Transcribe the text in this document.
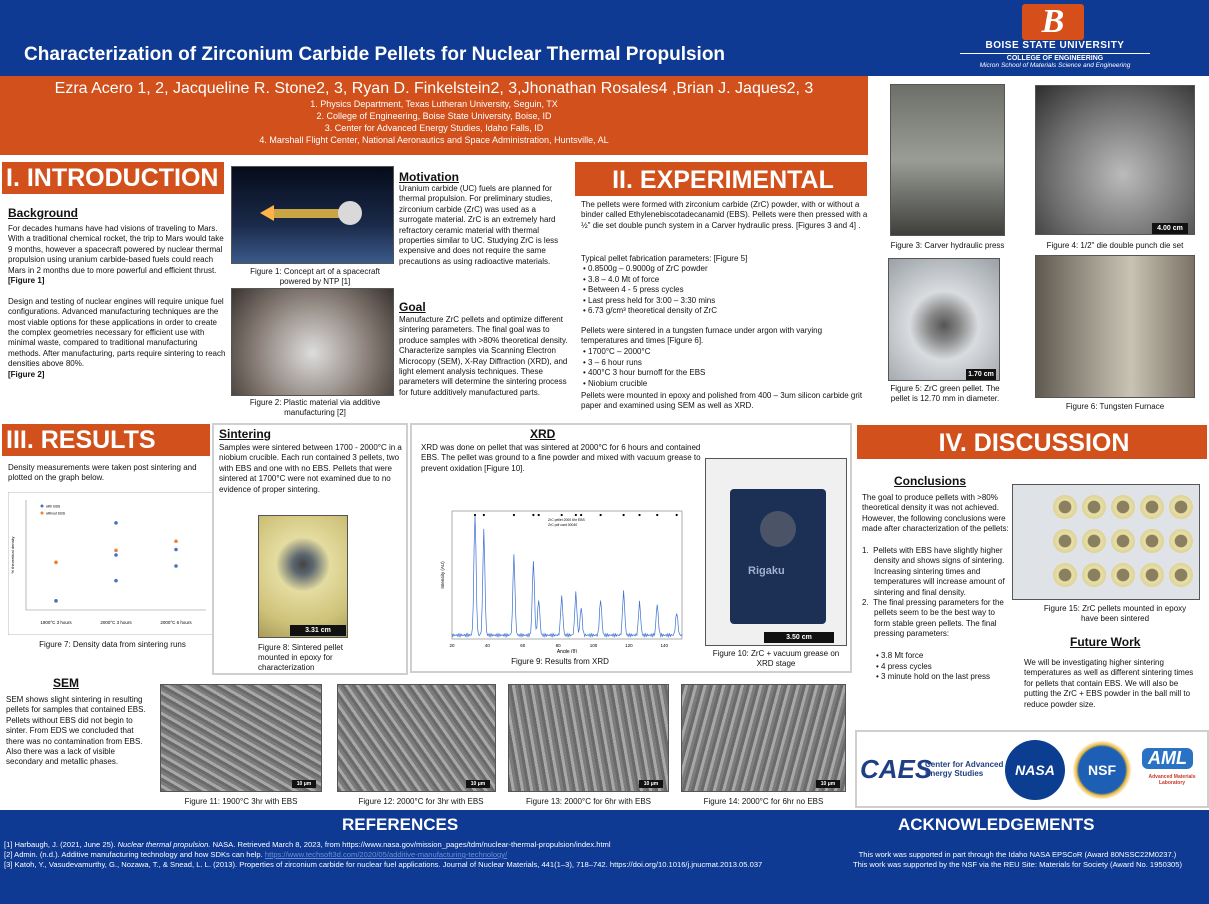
Characterization of Zirconium Carbide Pellets for Nuclear Thermal Propulsion
B
BOISE STATE UNIVERSITY
COLLEGE OF ENGINEERING
Micron School of Materials Science and Engineering
Ezra Acero 1, 2, Jacqueline R. Stone2, 3, Ryan D. Finkelstein2, 3,Jhonathan Rosales4 ,Brian J. Jaques2, 3
1. Physics Department, Texas Lutheran University, Seguin, TX
2. College of Engineering, Boise State University, Boise, ID
3. Center for Advanced Energy Studies, Idaho Falls, ID
4. Marshall Flight Center, National Aeronautics and Space Administration, Huntsville, AL
I. INTRODUCTION
Background
For decades humans have had visions of traveling to Mars. With a traditional chemical rocket, the trip to Mars would take 9 months, however a spacecraft powered by nuclear thermal propulsion using uranium carbide-based fuels could reach Mars in 2 months due to more powerful and efficient thrust.
[Figure 1]

Design and testing of nuclear engines will require unique fuel configurations. Advanced manufacturing techniques are the most viable options for these applications in order to create the complex geometries necessary for efficient use with minimal waste, compared to traditional manufacturing methods. After manufacturing, parts require sintering to reach densities above 80%.
[Figure 2]
Figure 1: Concept art of a spacecraft powered by NTP [1]
Figure 2: Plastic material via additive manufacturing [2]
Motivation
Uranium carbide (UC) fuels are planned for thermal propulsion. For preliminary studies, zirconium carbide (ZrC) was used as a surrogate material. ZrC is an extremely hard refractory ceramic material with thermal properties similar to UC. Studying ZrC is less expensive and does not require the same precautions as using radioactive materials.
Goal
Manufacture ZrC pellets and optimize different sintering parameters. The final goal was to produce samples with >80% theoretical density. Characterize samples via Scanning Electron Microcopy (SEM), X-Ray Diffraction (XRD), and light element analysis techniques. These parameters will determine the sintering process for future additively manufactured parts.
II. EXPERIMENTAL
The pellets were formed with zirconium carbide (ZrC) powder, with or without a binder called Ethylenebiscotadecanamid (EBS). Pellets were then pressed with a ½" die set double punch system in a Carver hydraulic press. [Figures 3 and 4] .
Typical pellet fabrication parameters: [Figure 5]
• 0.8500g – 0.9000g of ZrC powder
• 3.8 – 4.0 Mt of force
• Between 4 - 5 press cycles
• Last press held for 3:00 – 3:30 mins
• 6.73 g/cm³ theoretical density of ZrC
Pellets were sintered in a tungsten furnace under argon with varying temperatures and times [Figure 6].
• 1700°C – 2000°C
• 3 – 6 hour runs
• 400°C 3 hour burnoff for the EBS
• Niobium crucible
Pellets were mounted in epoxy and polished from 400 – 3um silicon carbide grit paper and examined using SEM as well as XRD.
Figure 3: Carver hydraulic press
4.00 cm
Figure 4: 1/2" die double punch die set
1.70 cm
Figure 5: ZrC green pellet. The pellet is 12.70 mm in diameter.
Figure 6: Tungsten Furnace
III. RESULTS
Density measurements were taken post sintering and plotted on the graph below.
1900°C 3 hours	2000°C 3 hours	2000°C 6 hours
% theoretical density
with EBS
without EBS
Figure 7: Density data from sintering runs
Sintering
Samples were sintered between 1700 - 2000°C in a niobium crucible. Each run contained 3 pellets, two with EBS and one with no EBS. Pellets that were sintered at 1700°C were not examined due to no evidence of proper sintering.
3.31 cm
Figure 8: Sintered pellet mounted in epoxy for characterization
XRD
XRD was done on pellet that was sintered at 2000°C for 6 hours and contained EBS. The pellet was ground to a fine powder and mixed with vacuum grease to prevent oxidation [Figure 10].
20	40	60	80	100	120	140
Angle (θ)
Intensity (AU)
ZrC pellet 2000 6hr EBS
ZrC pdf card 00040
Figure 9: Results from XRD
Rigaku
3.50 cm
Figure 10: ZrC + vacuum grease on XRD stage
SEM
SEM shows slight sintering in resulting pellets for samples that contained EBS. Pellets without EBS did not begin to sinter. From EDS we concluded that there was no contamination from EBS. Also there was a lack of visible secondary and metallic phases.
10 μm	10 μm	10 μm	10 μm
Figure 11: 1900°C 3hr with EBS	Figure 12: 2000°C for 3hr with EBS	Figure 13: 2000°C for 6hr with EBS	Figure 14: 2000°C for 6hr no EBS
IV. DISCUSSION
Conclusions
The goal to produce pellets with >80% theoretical density it was not achieved. However, the following conclusions were made after characterization of the pellets:
1.  Pellets with EBS have slightly higher density and shows signs of sintering. Increasing sintering times and temperatures will increase amount of sintering and final density.
2.  The final pressing parameters for the pellets seem to be the best way to form stable green pellets. The final pressing parameters:
• 3.8 Mt force
• 4 press cycles
• 3 minute hold on the last press
Figure 15: ZrC pellets mounted in epoxy have been sintered
Future Work
We will be investigating higher sintering temperatures as well as different sintering times for pellets that contain EBS. We will also be putting the ZrC + EBS powder in the ball mill to reduce powder size.
CAES
Center for Advanced Energy Studies	NASA	NSF
AML
Advanced Materials Laboratory
REFERENCES
[1] Harbaugh, J. (2021, June 25). Nuclear thermal propulsion. NASA. Retrieved March 8, 2023, from https://www.nasa.gov/mission_pages/tdm/nuclear-thermal-propulsion/index.html
[2] Admin. (n.d.). Additive manufacturing technology and how SDKs can help. https://www.techsoft3d.com/2020/05/additive-manufacturing-technology/
[3] Katoh, Y., Vasudevamurthy, G., Nozawa, T., & Snead, L. L. (2013). Properties of zirconium carbide for nuclear fuel applications. Journal of Nuclear Materials, 441(1–3), 718–742. https://doi.org/10.1016/j.jnucmat.2013.05.037
ACKNOWLEDGEMENTS
This work was supported in part through the Idaho NASA EPSCoR (Award 80NSSC22M0237.)
This work was supported by the NSF via the REU Site: Materials for Society (Award No. 1950305)
